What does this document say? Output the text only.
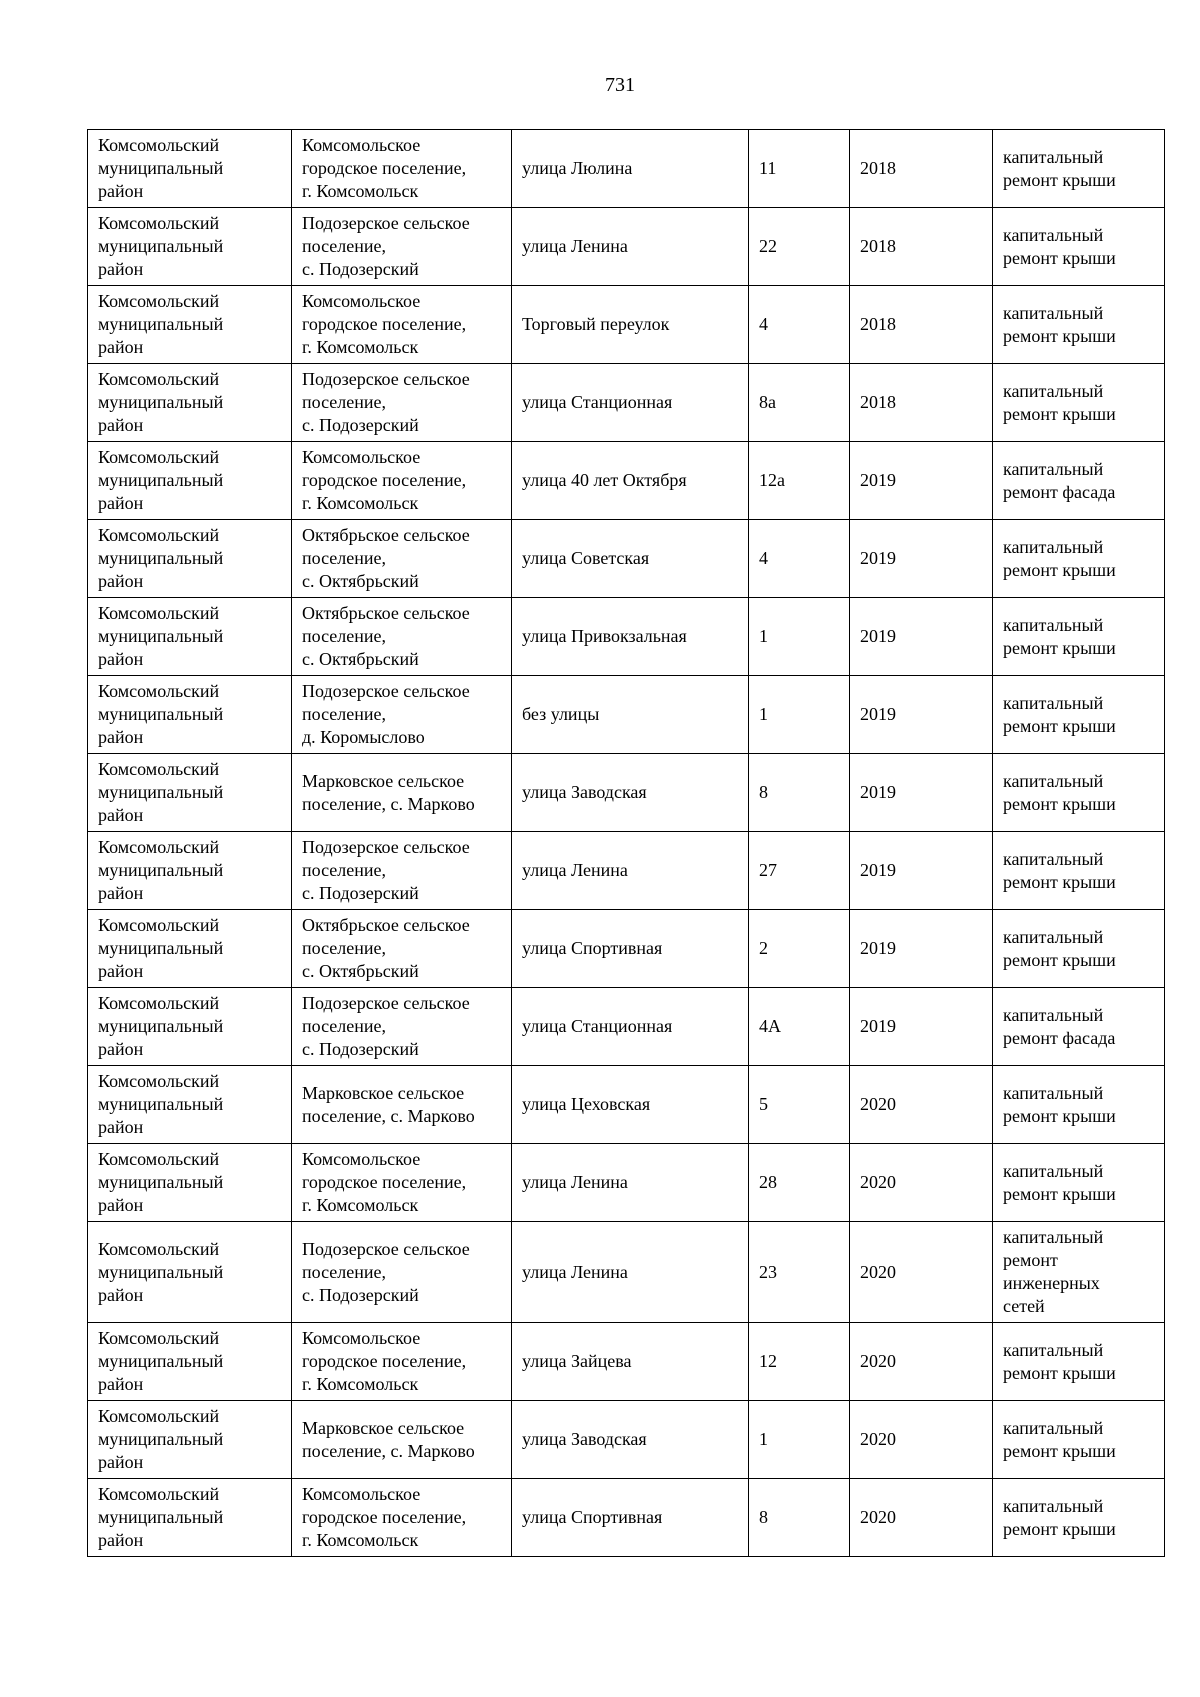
731
Комсомольский
муниципальный
район	Комсомольское
городское поселение,
г. Комсомольск	улица Люлина	11	2018	капитальный
ремонт крыши
Комсомольский
муниципальный
район	Подозерское сельское
поселение,
с. Подозерский	улица Ленина	22	2018	капитальный
ремонт крыши
Комсомольский
муниципальный
район	Комсомольское
городское поселение,
г. Комсомольск	Торговый переулок	4	2018	капитальный
ремонт крыши
Комсомольский
муниципальный
район	Подозерское сельское
поселение,
с. Подозерский	улица Станционная	8а	2018	капитальный
ремонт крыши
Комсомольский
муниципальный
район	Комсомольское
городское поселение,
г. Комсомольск	улица 40 лет Октября	12а	2019	капитальный
ремонт фасада
Комсомольский
муниципальный
район	Октябрьское сельское
поселение,
с. Октябрьский	улица Советская	4	2019	капитальный
ремонт крыши
Комсомольский
муниципальный
район	Октябрьское сельское
поселение,
с. Октябрьский	улица Привокзальная	1	2019	капитальный
ремонт крыши
Комсомольский
муниципальный
район	Подозерское сельское
поселение,
д. Коромыслово	без улицы	1	2019	капитальный
ремонт крыши
Комсомольский
муниципальный
район	Марковское сельское
поселение, с. Марково	улица Заводская	8	2019	капитальный
ремонт крыши
Комсомольский
муниципальный
район	Подозерское сельское
поселение,
с. Подозерский	улица Ленина	27	2019	капитальный
ремонт крыши
Комсомольский
муниципальный
район	Октябрьское сельское
поселение,
с. Октябрьский	улица Спортивная	2	2019	капитальный
ремонт крыши
Комсомольский
муниципальный
район	Подозерское сельское
поселение,
с. Подозерский	улица Станционная	4А	2019	капитальный
ремонт фасада
Комсомольский
муниципальный
район	Марковское сельское
поселение, с. Марково	улица Цеховская	5	2020	капитальный
ремонт крыши
Комсомольский
муниципальный
район	Комсомольское
городское поселение,
г. Комсомольск	улица Ленина	28	2020	капитальный
ремонт крыши
Комсомольский
муниципальный
район	Подозерское сельское
поселение,
с. Подозерский	улица Ленина	23	2020	капитальный
ремонт
инженерных
сетей
Комсомольский
муниципальный
район	Комсомольское
городское поселение,
г. Комсомольск	улица Зайцева	12	2020	капитальный
ремонт крыши
Комсомольский
муниципальный
район	Марковское сельское
поселение, с. Марково	улица Заводская	1	2020	капитальный
ремонт крыши
Комсомольский
муниципальный
район	Комсомольское
городское поселение,
г. Комсомольск	улица Спортивная	8	2020	капитальный
ремонт крыши
